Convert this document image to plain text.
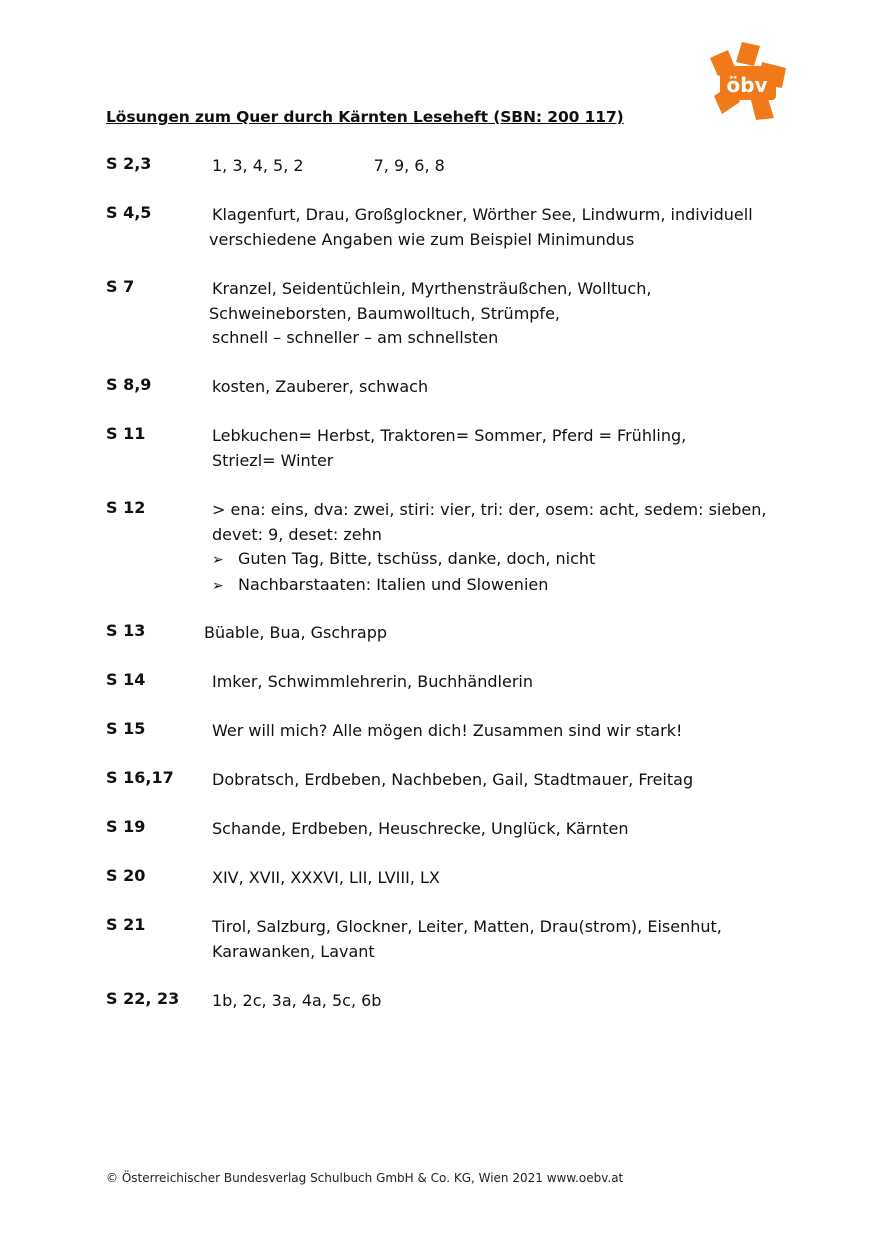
öbv
Lösungen zum Quer durch Kärnten Leseheft (SBN: 200 117)
S 2,3	1, 3, 4, 5, 2	7, 9, 6, 8
S 4,5	Klagenfurt, Drau, Großglockner, Wörther See, Lindwurm, individuell
verschiedene Angaben wie zum Beispiel Minimundus
S 7	Kranzel, Seidentüchlein, Myrthensträußchen, Wolltuch,
Schweineborsten, Baumwolltuch, Strümpfe,
schnell – schneller – am schnellsten
S 8,9	kosten, Zauberer, schwach
S 11	Lebkuchen= Herbst, Traktoren= Sommer, Pferd = Frühling,
Striezl= Winter
S 12	> ena: eins, dva: zwei, stiri: vier, tri: der, osem: acht, sedem: sieben,
devet: 9, deset: zehn
➢ Guten Tag, Bitte, tschüss, danke, doch, nicht
➢ Nachbarstaaten: Italien und Slowenien
S 13	Büable, Bua, Gschrapp
S 14	Imker, Schwimmlehrerin, Buchhändlerin
S 15	Wer will mich? Alle mögen dich! Zusammen sind wir stark!
S 16,17 Dobratsch, Erdbeben, Nachbeben, Gail, Stadtmauer, Freitag
S 19	Schande, Erdbeben, Heuschrecke, Unglück, Kärnten
S 20	XIV, XVII, XXXVI, LII, LVIII, LX
S 21	Tirol, Salzburg, Glockner, Leiter, Matten, Drau(strom), Eisenhut,
Karawanken, Lavant
S 22, 23 1b, 2c, 3a, 4a, 5c, 6b
© Österreichischer Bundesverlag Schulbuch GmbH & Co. KG, Wien 2021 www.oebv.at
